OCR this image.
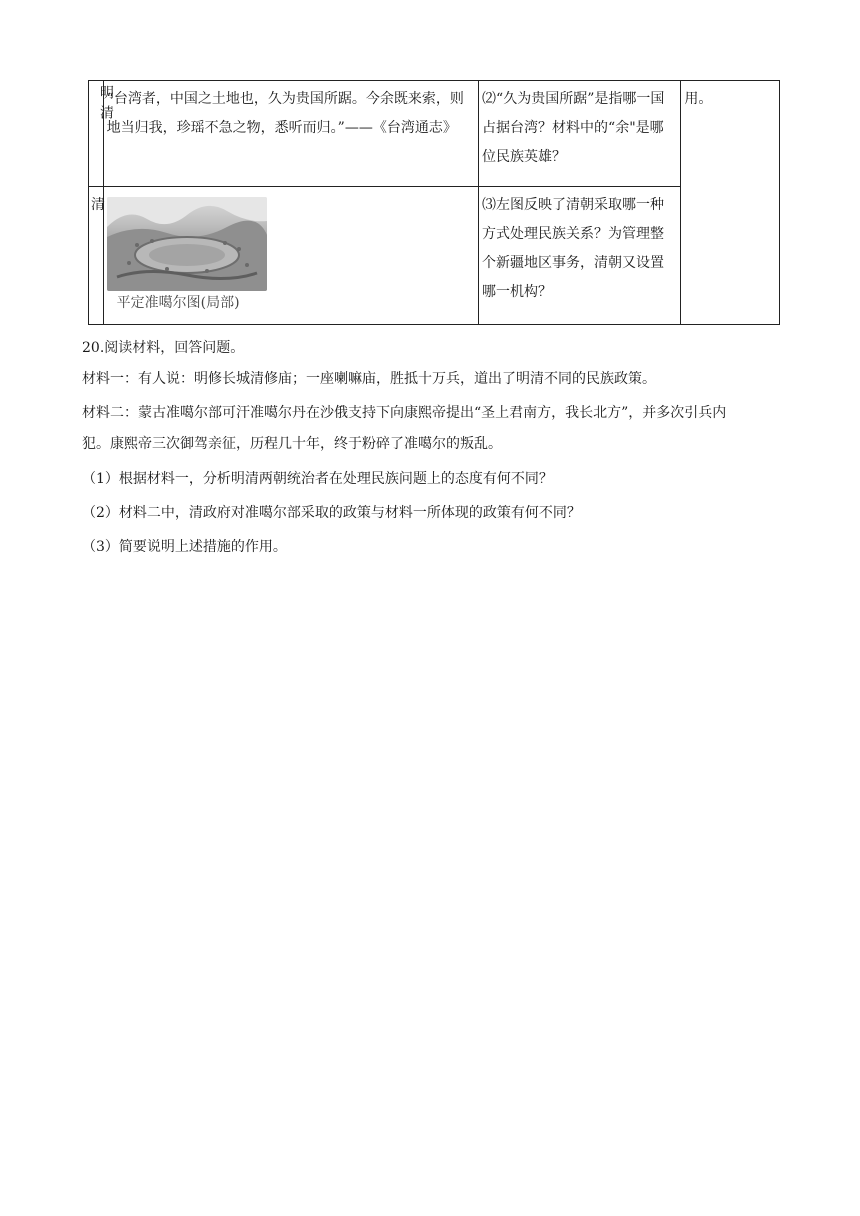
明清	“台湾者，中国之土地也，久为贵国所踞。今余既来索，则地当归我，珍瑶不急之物，悉听而归。”——《台湾通志》	⑵“久为贵国所踞”是指哪一国占据台湾？材料中的“余"是哪位民族英雄？	用。
清	平定准噶尔图(局部)	⑶左图反映了清朝采取哪一种方式处理民族关系？为管理整个新疆地区事务，清朝又设置哪一机构？	
20.阅读材料，回答问题。
材料一：有人说：明修长城清修庙；一座喇嘛庙，胜抵十万兵，道出了明清不同的民族政策。
材料二：蒙古准噶尔部可汗准噶尔丹在沙俄支持下向康熙帝提出“圣上君南方，我长北方”，并多次引兵内
犯。康熙帝三次御驾亲征，历程几十年，终于粉碎了准噶尔的叛乱。
（1）根据材料一，分析明清两朝统治者在处理民族问题上的态度有何不同？
（2）材料二中，清政府对准噶尔部采取的政策与材料一所体现的政策有何不同？
（3）简要说明上述措施的作用。
